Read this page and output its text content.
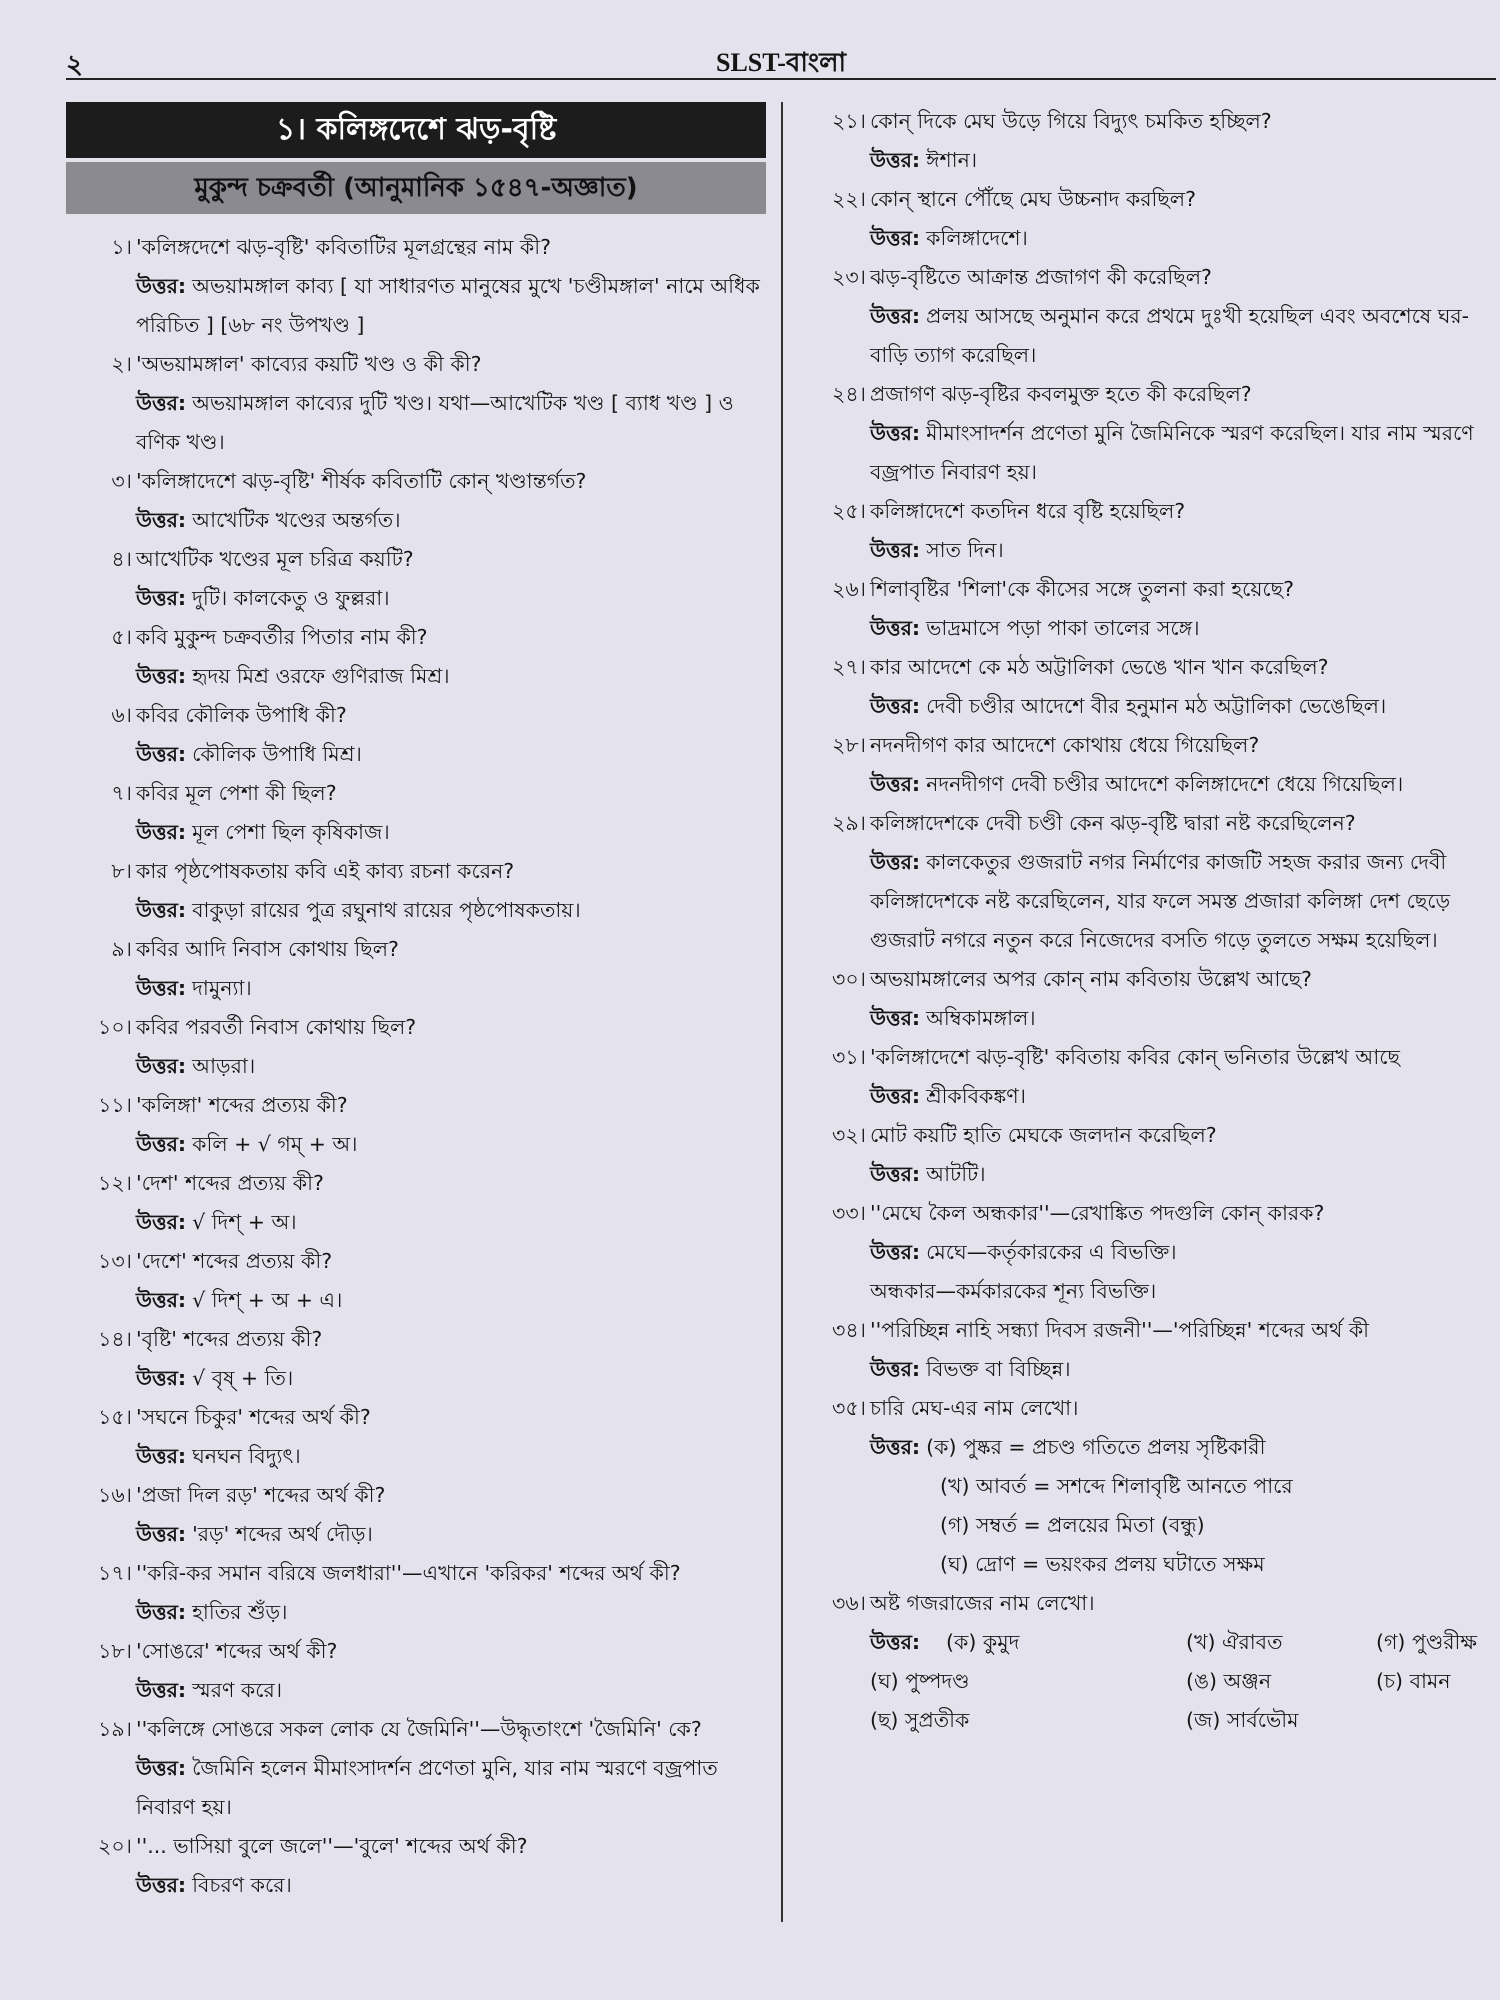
২	SLST-বাংলা
১। কলিঙ্গদেশে ঝড়-বৃষ্টি
মুকুন্দ চক্রবর্তী (আনুমানিক ১৫৪৭-অজ্ঞাত)
১। 'কলিঙ্গদেশে ঝড়-বৃষ্টি' কবিতাটির মূলগ্রন্থের নাম কী?
উত্তর: অভয়ামঙ্গাল কাব্য [ যা সাধারণত মানুষের মুখে 'চণ্ডীমঙ্গাল' নামে অধিক পরিচিত ] [৬৮ নং উপখণ্ড ]
২। 'অভয়ামঙ্গাল' কাব্যের কয়টি খণ্ড ও কী কী?
উত্তর: অভয়ামঙ্গাল কাব্যের দুটি খণ্ড। যথা—আখেটিক খণ্ড [ ব্যাধ খণ্ড ] ও বণিক খণ্ড।
৩। 'কলিঙ্গাদেশে ঝড়-বৃষ্টি' শীর্ষক কবিতাটি কোন্ খণ্ডান্তর্গত?
উত্তর: আখেটিক খণ্ডের অন্তর্গত।
৪। আখেটিক খণ্ডের মূল চরিত্র কয়টি?
উত্তর: দুটি। কালকেতু ও ফুল্লরা।
৫। কবি মুকুন্দ চক্রবর্তীর পিতার নাম কী?
উত্তর: হৃদয় মিশ্র ওরফে গুণিরাজ মিশ্র।
৬। কবির কৌলিক উপাধি কী?
উত্তর: কৌলিক উপাধি মিশ্র।
৭। কবির মূল পেশা কী ছিল?
উত্তর: মূল পেশা ছিল কৃষিকাজ।
৮। কার পৃষ্ঠপোষকতায় কবি এই কাব্য রচনা করেন?
উত্তর: বাকুড়া রায়ের পুত্র রঘুনাথ রায়ের পৃষ্ঠপোষকতায়।
৯। কবির আদি নিবাস কোথায় ছিল?
উত্তর: দামুন্যা।
১০। কবির পরবর্তী নিবাস কোথায় ছিল?
উত্তর: আড়রা।
১১। 'কলিঙ্গা' শব্দের প্রত্যয় কী?
উত্তর: কলি + √ গম্ + অ।
১২। 'দেশ' শব্দের প্রত্যয় কী?
উত্তর: √ দিশ্ + অ।
১৩। 'দেশে' শব্দের প্রত্যয় কী?
উত্তর: √ দিশ্ + অ + এ।
১৪। 'বৃষ্টি' শব্দের প্রত্যয় কী?
উত্তর: √ বৃষ্ + তি।
১৫। 'সঘনে চিকুর' শব্দের অর্থ কী?
উত্তর: ঘনঘন বিদ্যুৎ।
১৬। 'প্রজা দিল রড়' শব্দের অর্থ কী?
উত্তর: 'রড়' শব্দের অর্থ দৌড়।
১৭। ''করি-কর সমান বরিষে জলধারা''—এখানে 'করিকর' শব্দের অর্থ কী?
উত্তর: হাতির শুঁড়।
১৮। 'সোঙরে' শব্দের অর্থ কী?
উত্তর: স্মরণ করে।
১৯। ''কলিঙ্গে সোঙরে সকল লোক যে জৈমিনি''—উদ্ধৃতাংশে 'জৈমিনি' কে?
উত্তর: জৈমিনি হলেন মীমাংসাদর্শন প্রণেতা মুনি, যার নাম স্মরণে বজ্রপাত নিবারণ হয়।
২০। ''... ভাসিয়া বুলে জলে''—'বুলে' শব্দের অর্থ কী?
উত্তর: বিচরণ করে।
২১। কোন্ দিকে মেঘ উড়ে গিয়ে বিদ্যুৎ চমকিত হচ্ছিল?
উত্তর: ঈশান।
২২। কোন্ স্থানে পৌঁছে মেঘ উচ্চনাদ করছিল?
উত্তর: কলিঙ্গাদেশে।
২৩। ঝড়-বৃষ্টিতে আক্রান্ত প্রজাগণ কী করেছিল?
উত্তর: প্রলয় আসছে অনুমান করে প্রথমে দুঃখী হয়েছিল এবং অবশেষে ঘর-বাড়ি ত্যাগ করেছিল।
২৪। প্রজাগণ ঝড়-বৃষ্টির কবলমুক্ত হতে কী করেছিল?
উত্তর: মীমাংসাদর্শন প্রণেতা মুনি জৈমিনিকে স্মরণ করেছিল। যার নাম স্মরণে বজ্রপাত নিবারণ হয়।
২৫। কলিঙ্গাদেশে কতদিন ধরে বৃষ্টি হয়েছিল?
উত্তর: সাত দিন।
২৬। শিলাবৃষ্টির 'শিলা'কে কীসের সঙ্গে তুলনা করা হয়েছে?
উত্তর: ভাদ্রমাসে পড়া পাকা তালের সঙ্গে।
২৭। কার আদেশে কে মঠ অট্টালিকা ভেঙে খান খান করেছিল?
উত্তর: দেবী চণ্ডীর আদেশে বীর হনুমান মঠ অট্টালিকা ভেঙেছিল।
২৮। নদনদীগণ কার আদেশে কোথায় ধেয়ে গিয়েছিল?
উত্তর: নদনদীগণ দেবী চণ্ডীর আদেশে কলিঙ্গাদেশে ধেয়ে গিয়েছিল।
২৯। কলিঙ্গাদেশকে দেবী চণ্ডী কেন ঝড়-বৃষ্টি দ্বারা নষ্ট করেছিলেন?
উত্তর: কালকেতুর গুজরাট নগর নির্মাণের কাজটি সহজ করার জন্য দেবী কলিঙ্গাদেশকে নষ্ট করেছিলেন, যার ফলে সমস্ত প্রজারা কলিঙ্গা দেশ ছেড়ে গুজরাট নগরে নতুন করে নিজেদের বসতি গড়ে তুলতে সক্ষম হয়েছিল।
৩০। অভয়ামঙ্গালের অপর কোন্ নাম কবিতায় উল্লেখ আছে?
উত্তর: অম্বিকামঙ্গাল।
৩১। 'কলিঙ্গাদেশে ঝড়-বৃষ্টি' কবিতায় কবির কোন্ ভনিতার উল্লেখ আছে
উত্তর: শ্রীকবিকঙ্কণ।
৩২। মোট কয়টি হাতি মেঘকে জলদান করেছিল?
উত্তর: আটটি।
৩৩। ''মেঘে কৈল অন্ধকার''—রেখাঙ্কিত পদগুলি কোন্ কারক?
উত্তর: মেঘে—কর্তৃকারকের এ বিভক্তি।
অন্ধকার—কর্মকারকের শূন্য বিভক্তি।
৩৪। ''পরিচ্ছিন্ন নাহি সন্ধ্যা দিবস রজনী''—'পরিচ্ছিন্ন' শব্দের অর্থ কী
উত্তর: বিভক্ত বা বিচ্ছিন্ন।
৩৫। চারি মেঘ-এর নাম লেখো।
উত্তর: (ক) পুষ্কর = প্রচণ্ড গতিতে প্রলয় সৃষ্টিকারী
(খ) আবর্ত = সশব্দে শিলাবৃষ্টি আনতে পারে
(গ) সম্বর্ত = প্রলয়ের মিতা (বন্ধু)
(ঘ) দ্রোণ = ভয়ংকর প্রলয় ঘটাতে সক্ষম
৩৬। অষ্ট গজরাজের নাম লেখো।
উত্তর:	(ক) কুমুদ	(খ) ঐরাবত	(গ) পুণ্ডরীক্ষ
(ঘ) পুষ্পদণ্ড	(ঙ) অঞ্জন	(চ) বামন
(ছ) সুপ্রতীক	(জ) সার্বভৌম
